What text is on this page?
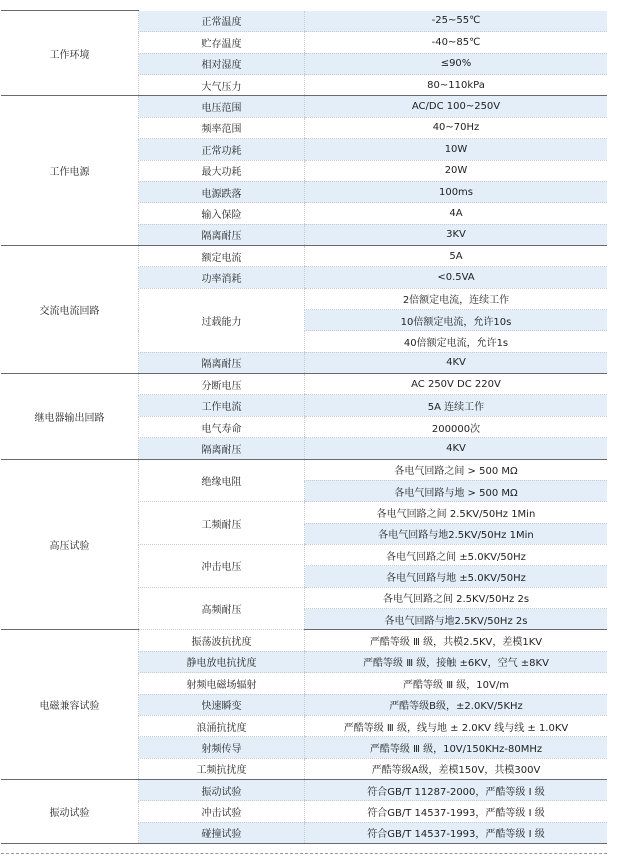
工作环境	正常温度	-25~55℃
	贮存温度	-40~85℃
	相对湿度	≤90%
	大气压力	80~110kPa
工作电源	电压范围	AC/DC 100~250V
	频率范围	40~70Hz
	正常功耗	10W
	最大功耗	20W
	电源跌落	100ms
	输入保险	4A
	隔离耐压	3KV
交流电流回路	额定电流	5A
	功率消耗	<0.5VA
	过载能力	2倍额定电流，连续工作
		10倍额定电流，允许10s
		40倍额定电流，允许1s
	隔离耐压	4KV
继电器输出回路	分断电压	AC 250V DC 220V
	工作电流	5A 连续工作
	电气寿命	200000次
	隔离耐压	4KV
高压试验	绝缘电阻	各电气回路之间 > 500 MΩ
		各电气回路与地 > 500 MΩ
	工频耐压	各电气回路之间 2.5KV/50Hz 1Min
		各电气回路与地2.5KV/50Hz 1Min
	冲击电压	各电气回路之间 ±5.0KV/50Hz
		各电气回路与地 ±5.0KV/50Hz
	高频耐压	各电气回路之间 2.5KV/50Hz 2s
		各电气回路与地2.5KV/50Hz 2s
电磁兼容试验	振荡波抗扰度	严酷等级 Ⅲ 级，共模2.5KV，差模1KV
	静电放电抗扰度	严酷等级 Ⅲ 级，接触 ±6KV，空气 ±8KV
	射频电磁场辐射	严酷等级 Ⅲ 级，10V/m
	快速瞬变	严酷等级B级，±2.0KV/5KHz
	浪涌抗扰度	严酷等级 Ⅲ 级，线与地 ± 2.0KV 线与线 ± 1.0KV
	射频传导	严酷等级 Ⅲ 级，10V/150KHz-80MHz
	工频抗扰度	严酷等级A级，差模150V，共模300V
振动试验	振动试验	符合GB/T 11287-2000，严酷等级 Ⅰ 级
	冲击试验	符合GB/T 14537-1993，严酷等级 Ⅰ 级
	碰撞试验	符合GB/T 14537-1993，严酷等级 Ⅰ 级
